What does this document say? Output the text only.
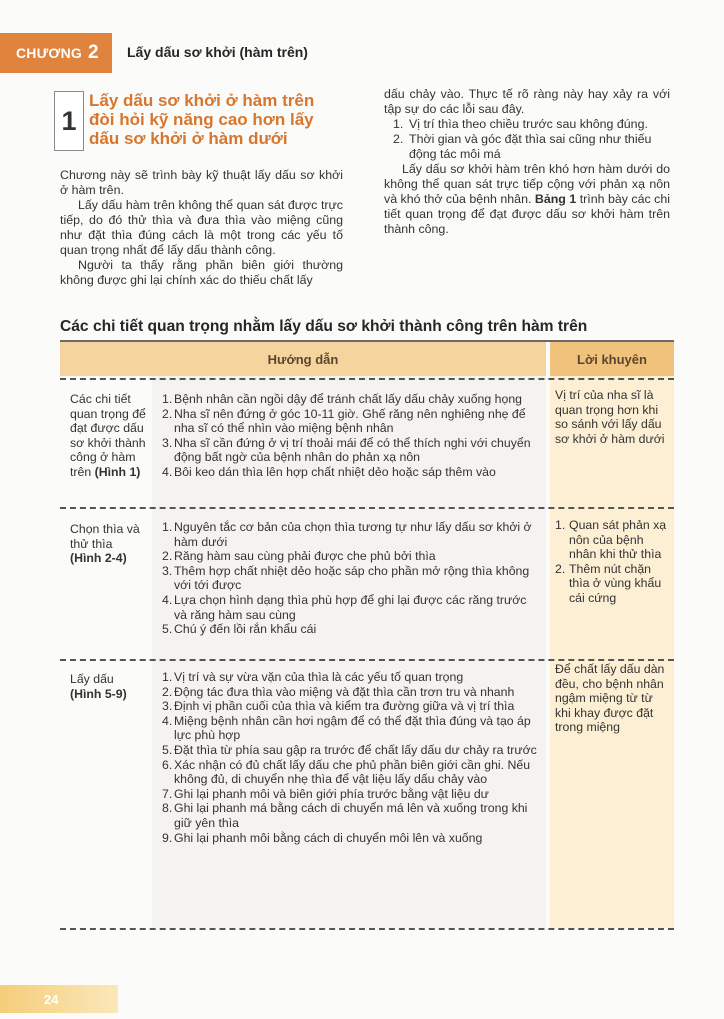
CHƯƠNG 2 Lấy dấu sơ khởi (hàm trên)
1
Lấy dấu sơ khởi ở hàm trên
đòi hỏi kỹ năng cao hơn lấy
dấu sơ khởi ở hàm dưới

Chương này sẽ trình bày kỹ thuật lấy dấu sơ khởi ở hàm trên.

Lấy dấu hàm trên không thể quan sát được trực tiếp, do đó thử thìa và đưa thìa vào miệng cũng như đặt thìa đúng cách là một trong các yếu tố quan trọng nhất để lấy dấu thành công.

Người ta thấy rằng phần biên giới thường không được ghi lại chính xác do thiếu chất lấy

dấu chảy vào. Thực tế rõ ràng này hay xảy ra với tập sự do các lỗi sau đây.

1. Vị trí thìa theo chiều trước sau không đúng.
2. Thời gian và góc đặt thìa sai cũng như thiếu động tác môi má

Lấy dấu sơ khởi hàm trên khó hơn hàm dưới do không thể quan sát trực tiếp cộng với phản xạ nôn và khó thở của bệnh nhân. Bảng 1 trình bày các chi tiết quan trọng để đạt được dấu sơ khởi hàm trên thành công.

Các chi tiết quan trọng nhằm lấy dấu sơ khởi thành công trên hàm trên
Hướng dẫn	Lời khuyên
Các chi tiết quan trọng để đạt được dấu sơ khởi thành công ở hàm trên (Hình 1)
1. Bệnh nhân cần ngồi dậy để tránh chất lấy dấu chảy xuống họng
2. Nha sĩ nên đứng ở góc 10-11 giờ. Ghế răng nên nghiêng nhẹ để nha sĩ có thể nhìn vào miệng bệnh nhân
3. Nha sĩ cần đứng ở vị trí thoải mái để có thể thích nghi với chuyển động bất ngờ của bệnh nhân do phản xạ nôn
4. Bôi keo dán thìa lên hợp chất nhiệt dẻo hoặc sáp thêm vào
Vị trí của nha sĩ là quan trọng hơn khi so sánh với lấy dấu sơ khởi ở hàm dưới
Chọn thìa và thử thìa
(Hình 2-4)
1. Nguyên tắc cơ bản của chọn thìa tương tự như lấy dấu sơ khởi ở hàm dưới
2. Răng hàm sau cùng phải được che phủ bởi thìa
3. Thêm hợp chất nhiệt dẻo hoặc sáp cho phần mở rộng thìa không với tới được
4. Lựa chọn hình dạng thìa phù hợp để ghi lại được các răng trước và răng hàm sau cùng
5. Chú ý đến lồi rắn khẩu cái
1. Quan sát phản xạ nôn của bệnh nhân khi thử thìa
2. Thêm nút chặn thìa ở vùng khẩu cái cứng
Lấy dấu
(Hình 5-9)
1. Vị trí và sự vừa vặn của thìa là các yếu tố quan trọng
2. Động tác đưa thìa vào miệng và đặt thìa cần trơn tru và nhanh
3. Định vị phần cuối của thìa và kiểm tra đường giữa và vị trí thìa
4. Miệng bệnh nhân cần hơi ngậm để có thể đặt thìa đúng và tạo áp lực phù hợp
5. Đặt thìa từ phía sau gập ra trước để chất lấy dấu dư chảy ra trước
6. Xác nhận có đủ chất lấy dấu che phủ phần biên giới cần ghi. Nếu không đủ, di chuyển nhẹ thìa để vật liệu lấy dấu chảy vào
7. Ghi lại phanh môi và biên giới phía trước bằng vật liệu dư
8. Ghi lại phanh má bằng cách di chuyển má lên và xuống trong khi giữ yên thìa
9. Ghi lại phanh môi bằng cách di chuyển môi lên và xuống
Để chất lấy dấu dàn đều, cho bệnh nhân ngậm miệng từ từ khi khay được đặt trong miệng
24
